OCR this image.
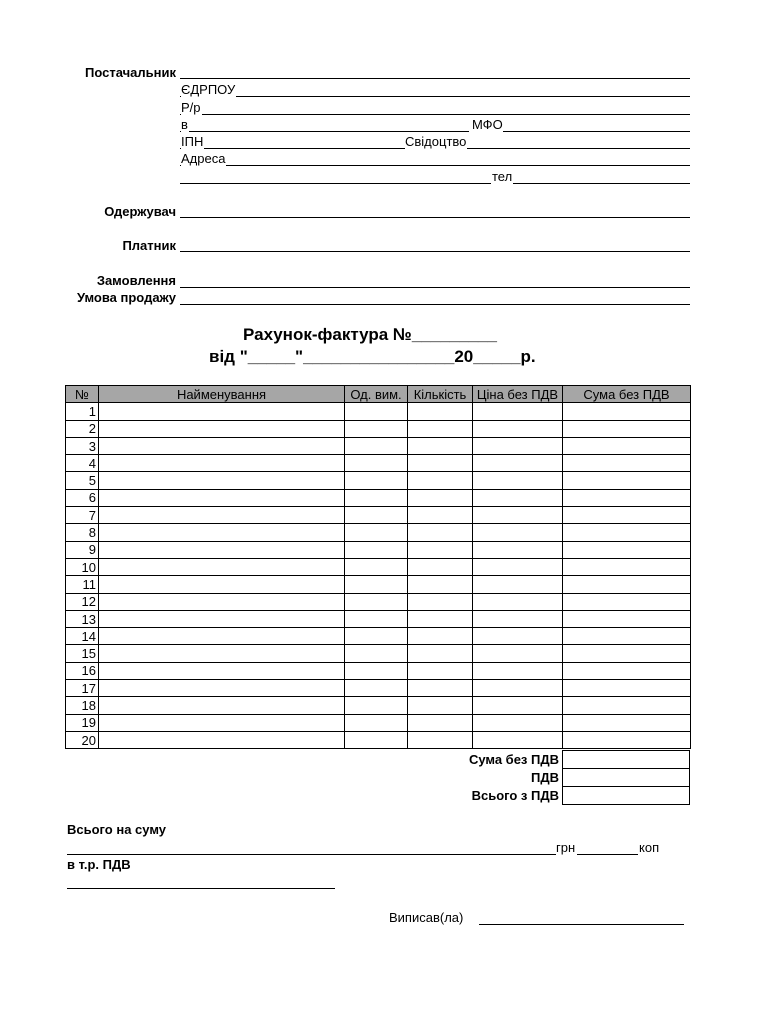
Постачальник
ЄДРПОУ
Р/р
в	МФО
ІПН	Свідоцтво
Адреса
тел
Одержувач
Платник
Замовлення
Умова продажу
Рахунок-фактура №_________
від "_____"________________20_____р.
№	Найменування	Од. вим.	Кількість	Ціна без ПДВ	Сума без ПДВ
1					
2					
3					
4					
5					
6					
7					
8					
9					
10					
11					
12					
13					
14					
15					
16					
17					
18					
19					
20					
Сума без ПДВ	
ПДВ	
Всього з ПДВ	
Всього на суму
грн	коп
в т.р. ПДВ
Виписав(ла)
